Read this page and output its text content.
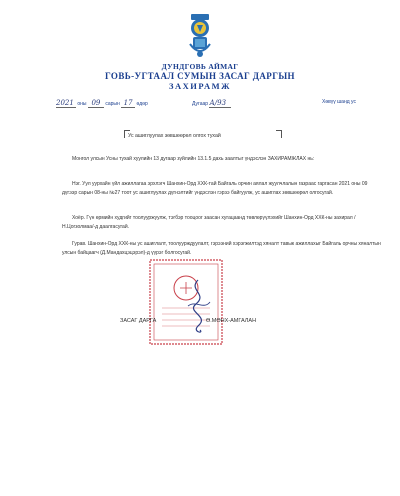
ДУНДГОВЬ АЙМАГ
ГОВЬ-УГТААЛ СУМЫН ЗАСАГ ДАРГЫН
ЗАХИРАМЖ
2021 оны 09 сарын 17 өдөр	Дугаар А/93	Хөвүү шанд ус
Ус ашиглуулах зөвшөөрөл олгох тухай
Монгол улсын Усны тухай хуулийн 13 дугаар зүйлийн 13.1.5 дахь заалтыг үндэслэн ЗАХИРАМЖЛАХ нь:
Нэг. Уул уурхайн үйл ажиллагаа эрхлэгч Шанхин-Орд ХХК-тай Байгаль орчин аялал жуулчлалын газраас гаргасан 2021 оны 09 дүгээр сарын 08-ны №27 тоот ус ашиглуулах дүгнэлтийг үндэслэн гэрээ байгуулж, ус ашиглах зөвшөөрөл олгосугай.
Хоёр. Гүн өрмийн худгийг тоолууржуулж, тэгбэр тооцоог заасан хугацаанд төвлөрүүлэхийг Шанхин-Орд ХХК-ны захирал / Н.Цогзолмаа/-д даалгасугай.
Гурав. Шанхин-Орд ХХК-ны ус ашиглалт, тоолуурждуулалт, гэрээний хэрэгжилтэд хяналт тавьж ажиллахыг Байгаль орчны хяналтын улсын байцаагч (Д.Мандахцэцэрэл)-д үүрэг болгосугай.
ЗАСАГ ДАРГА	Ө.МӨНХ-АМГАЛАН
